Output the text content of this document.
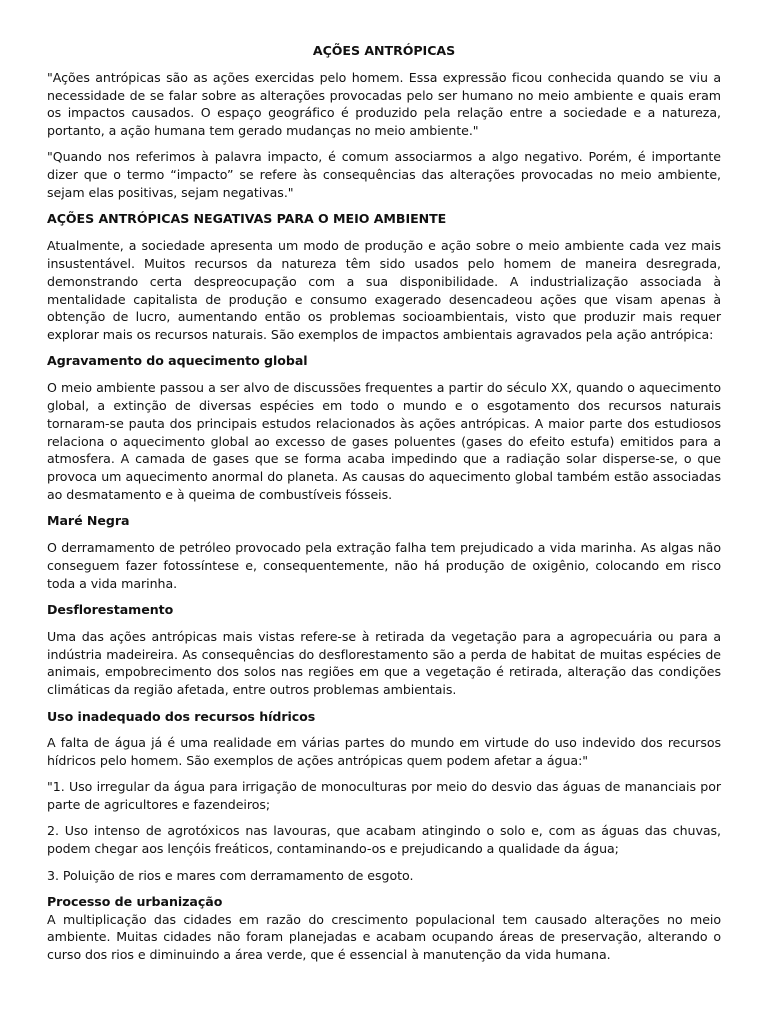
AÇÕES ANTRÓPICAS
"Ações antrópicas são as ações exercidas pelo homem. Essa expressão ficou conhecida quando se viu a necessidade de se falar sobre as alterações provocadas pelo ser humano no meio ambiente e quais eram os impactos causados. O espaço geográfico é produzido pela relação entre a sociedade e a natureza, portanto, a ação humana tem gerado mudanças no meio ambiente."
"Quando nos referimos à palavra impacto, é comum associarmos a algo negativo. Porém, é importante dizer que o termo “impacto” se refere às consequências das alterações provocadas no meio ambiente, sejam elas positivas, sejam negativas."
AÇÕES ANTRÓPICAS NEGATIVAS PARA O MEIO AMBIENTE
Atualmente, a sociedade apresenta um modo de produção e ação sobre o meio ambiente cada vez mais insustentável. Muitos recursos da natureza têm sido usados pelo homem de maneira desregrada, demonstrando certa despreocupação com a sua disponibilidade. A industrialização associada à mentalidade capitalista de produção e consumo exagerado desencadeou ações que visam apenas à obtenção de lucro, aumentando então os problemas socioambientais, visto que produzir mais requer explorar mais os recursos naturais. São exemplos de impactos ambientais agravados pela ação antrópica:
Agravamento do aquecimento global
O meio ambiente passou a ser alvo de discussões frequentes a partir do século XX, quando o aquecimento global, a extinção de diversas espécies em todo o mundo e o esgotamento dos recursos naturais tornaram-se pauta dos principais estudos relacionados às ações antrópicas. A maior parte dos estudiosos relaciona o aquecimento global ao excesso de gases poluentes (gases do efeito estufa) emitidos para a atmosfera. A camada de gases que se forma acaba impedindo que a radiação solar disperse-se, o que provoca um aquecimento anormal do planeta. As causas do aquecimento global também estão associadas ao desmatamento e à queima de combustíveis fósseis.
Maré Negra
O derramamento de petróleo provocado pela extração falha tem prejudicado a vida marinha. As algas não conseguem fazer fotossíntese e, consequentemente, não há produção de oxigênio, colocando em risco toda a vida marinha.
Desflorestamento
Uma das ações antrópicas mais vistas refere-se à retirada da vegetação para a agropecuária ou para a indústria madeireira. As consequências do desflorestamento são a perda de habitat de muitas espécies de animais, empobrecimento dos solos nas regiões em que a vegetação é retirada, alteração das condições climáticas da região afetada, entre outros problemas ambientais.
Uso inadequado dos recursos hídricos
A falta de água já é uma realidade em várias partes do mundo em virtude do uso indevido dos recursos hídricos pelo homem. São exemplos de ações antrópicas quem podem afetar a água:"
"1. Uso irregular da água para irrigação de monoculturas por meio do desvio das águas de mananciais por parte de agricultores e fazendeiros;
2. Uso intenso de agrotóxicos nas lavouras, que acabam atingindo o solo e, com as águas das chuvas, podem chegar aos lençóis freáticos, contaminando-os e prejudicando a qualidade da água;
3. Poluição de rios e mares com derramamento de esgoto.
Processo de urbanização
A multiplicação das cidades em razão do crescimento populacional tem causado alterações no meio ambiente. Muitas cidades não foram planejadas e acabam ocupando áreas de preservação, alterando o curso dos rios e diminuindo a área verde, que é essencial à manutenção da vida humana.
